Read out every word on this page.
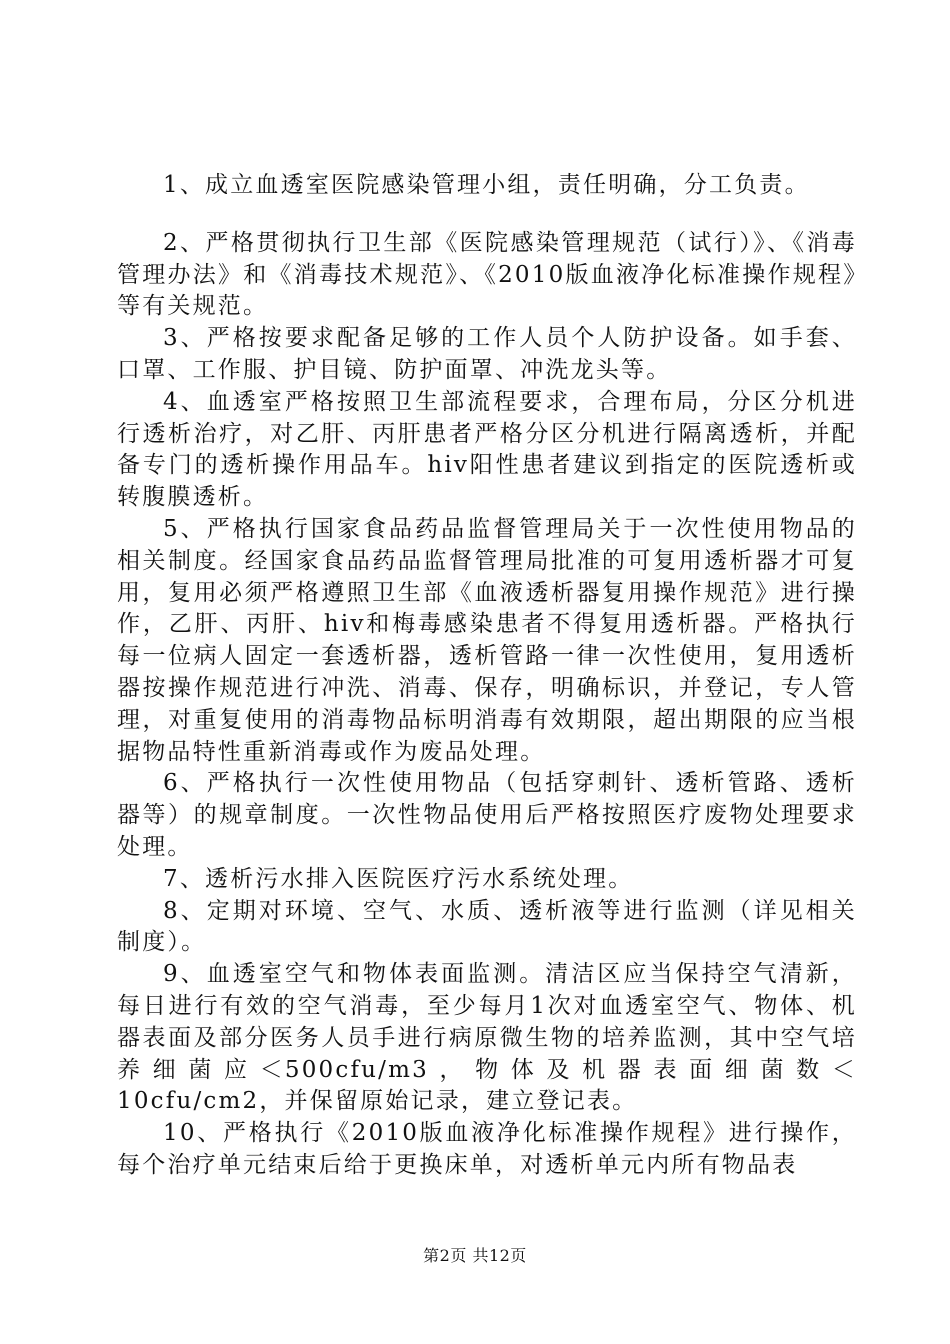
1、成立血透室医院感染管理小组，责任明确，分工负责。

2、严格贯彻执行卫生部《医院感染管理规范（试行）》、《消毒管理办法》和《消毒技术规范》、《2010版血液净化标准操作规程》等有关规范。

3、严格按要求配备足够的工作人员个人防护设备。如手套、口罩、工作服、护目镜、防护面罩、冲洗龙头等。

4、血透室严格按照卫生部流程要求，合理布局，分区分机进行透析治疗，对乙肝、丙肝患者严格分区分机进行隔离透析，并配备专门的透析操作用品车。hiv阳性患者建议到指定的医院透析或转腹膜透析。

5、严格执行国家食品药品监督管理局关于一次性使用物品的相关制度。经国家食品药品监督管理局批准的可复用透析器才可复用，复用必须严格遵照卫生部《血液透析器复用操作规范》进行操作，乙肝、丙肝、hiv和梅毒感染患者不得复用透析器。严格执行每一位病人固定一套透析器，透析管路一律一次性使用，复用透析器按操作规范进行冲洗、消毒、保存，明确标识，并登记，专人管理，对重复使用的消毒物品标明消毒有效期限，超出期限的应当根据物品特性重新消毒或作为废品处理。

6、严格执行一次性使用物品（包括穿刺针、透析管路、透析器等）的规章制度。一次性物品使用后严格按照医疗废物处理要求处理。

7、透析污水排入医院医疗污水系统处理。

8、定期对环境、空气、水质、透析液等进行监测（详见相关制度）。

9、血透室空气和物体表面监测。清洁区应当保持空气清新，每日进行有效的空气消毒，至少每月1次对血透室空气、物体、机器表面及部分医务人员手进行病原微生物的培养监测，其中空气培养细菌应＜500cfu/m3，物体及机器表面细菌数＜10cfu/cm2，并保留原始记录，建立登记表。

10、严格执行《2010版血液净化标准操作规程》进行操作，每个治疗单元结束后给于更换床单，对透析单元内所有物品表

第2页 共12页
